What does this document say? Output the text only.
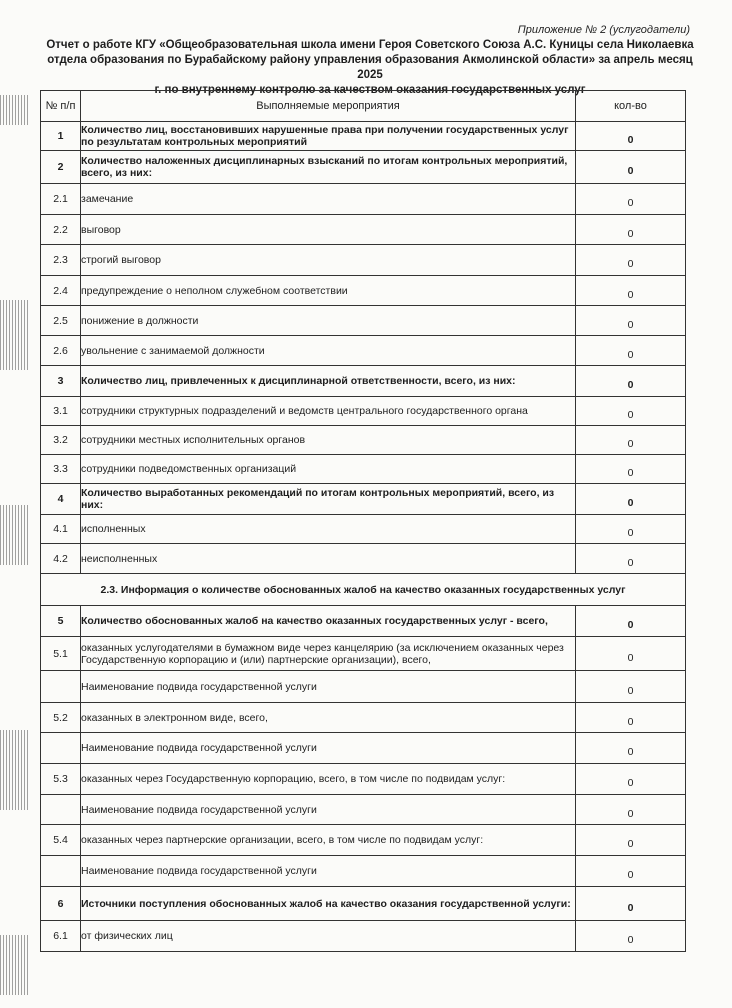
Приложение № 2 (услугодатели)
Отчет о работе КГУ «Общеобразовательная школа имени Героя Советского Союза А.С. Куницы села Николаевка
отдела образования по Бурабайскому району управления образования Акмолинской области» за апрель месяц 2025
г. по внутреннему контролю за качеством оказания государственных услуг
№ п/п	Выполняемые мероприятия	кол-во
1	Количество лиц, восстановивших нарушенные права при получении государственных услуг по результатам контрольных мероприятий	0
2	Количество наложенных дисциплинарных взысканий по итогам контрольных мероприятий, всего, из них:	0
2.1	замечание	0
2.2	выговор	0
2.3	строгий выговор	0
2.4	предупреждение о неполном служебном соответствии	0
2.5	понижение в должности	0
2.6	увольнение с занимаемой должности	0
3	Количество лиц, привлеченных к дисциплинарной ответственности, всего, из них:	0
3.1	сотрудники структурных подразделений и ведомств центрального государственного органа	0
3.2	сотрудники местных исполнительных органов	0
3.3	сотрудники подведомственных организаций	0
4	Количество выработанных рекомендаций по итогам контрольных мероприятий, всего, из них:	0
4.1	исполненных	0
4.2	неисполненных	0
2.3. Информация о количестве обоснованных жалоб на качество оказанных государственных услуг		
5	Количество обоснованных жалоб на качество оказанных государственных услуг - всего,	0
5.1	оказанных услугодателями в бумажном виде через канцелярию (за исключением оказанных через Государственную корпорацию и (или) партнерские организации), всего,	0
	Наименование подвида государственной услуги	0
5.2	оказанных в электронном виде, всего,	0
	Наименование подвида государственной услуги	0
5.3	оказанных через Государственную корпорацию, всего, в том числе по подвидам услуг:	0
	Наименование подвида государственной услуги	0
5.4	оказанных через партнерские организации, всего, в том числе по подвидам услуг:	0
	Наименование подвида государственной услуги	0
6	Источники поступления обоснованных жалоб на качество оказания государственной услуги:	0
6.1	от физических лиц	0
